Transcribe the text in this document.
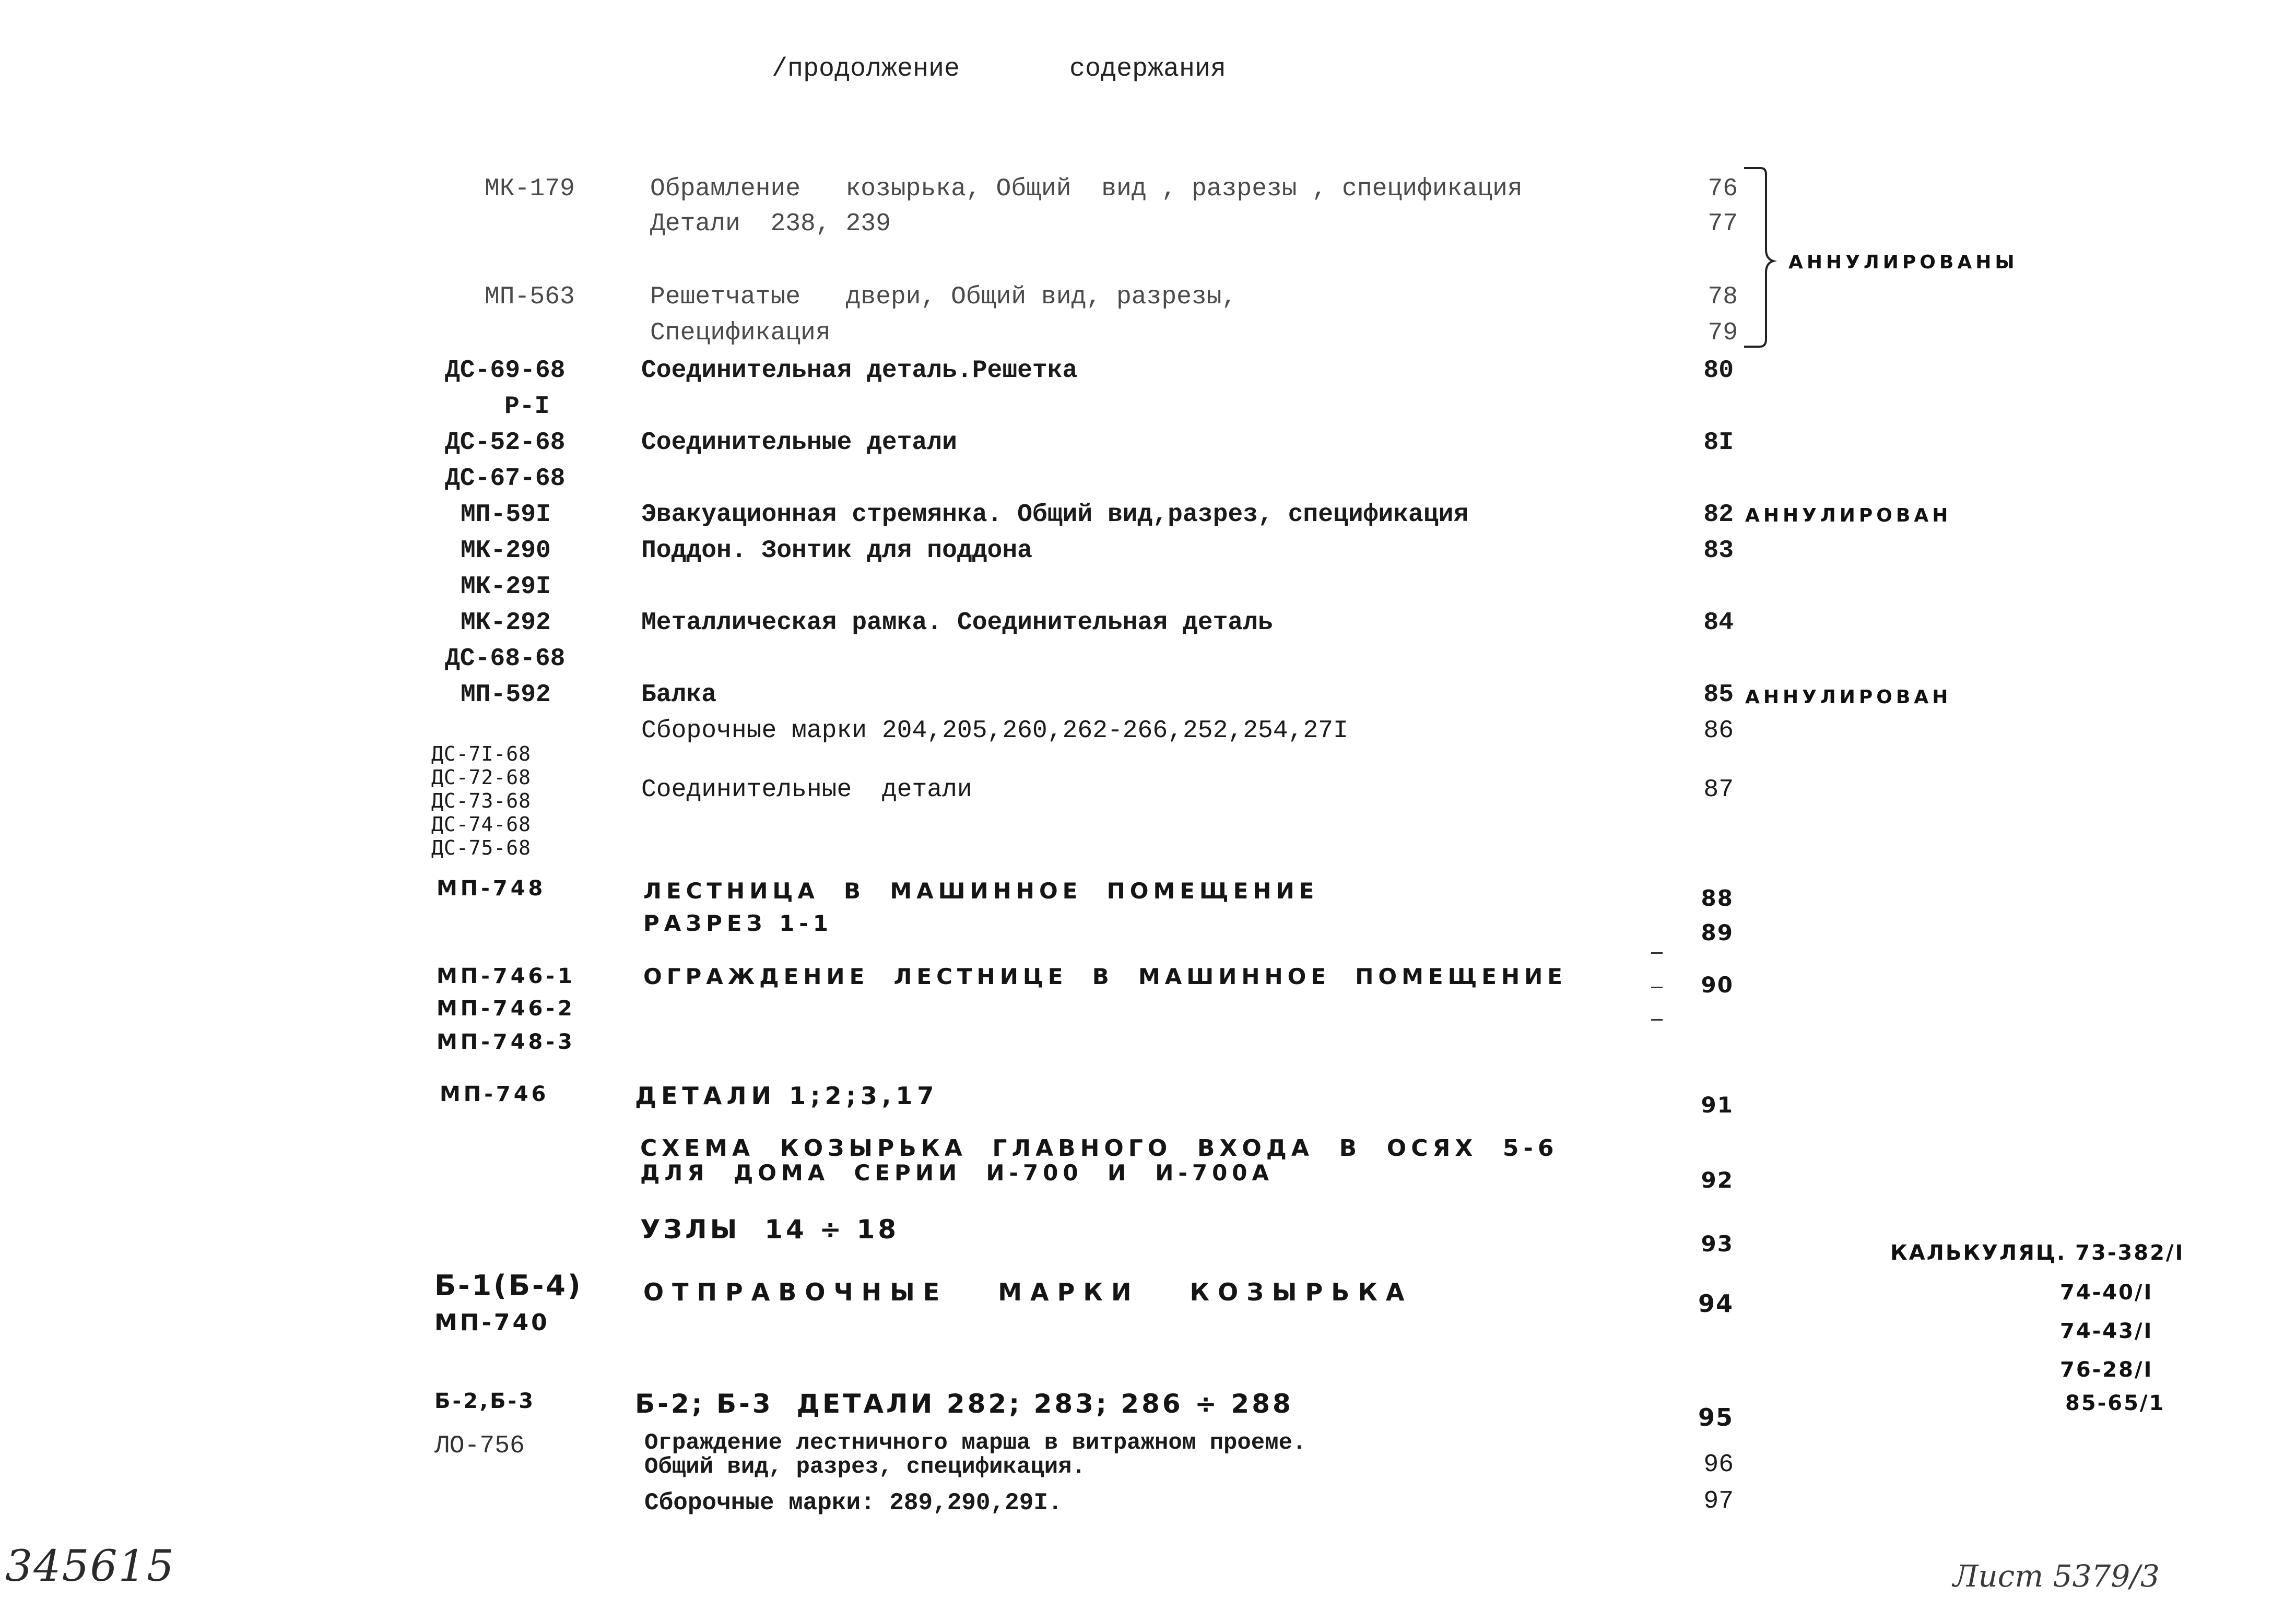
/продолжение	содержания
МК-179	Обрамление   козырька, Общий  вид , разрезы , спецификация	76
Детали  238, 239	77
МП-563	Решетчатые   двери, Общий вид, разрезы,	78
Спецификация	79
АННУЛИРОВАНЫ
ДС-69-68	Соединительная деталь.Решетка	80
Р-I
ДС-52-68	Соединительные детали	8I
ДС-67-68
МП-59I	Эвакуационная стремянка. Общий вид,разрез, спецификация	82 АННУЛИРОВАН
МК-290	Поддон. Зонтик для поддона	83
МК-29I
МК-292	Металлическая рамка. Соединительная деталь	84
ДС-68-68
МП-592	Балка	85 АННУЛИРОВАН
Сборочные марки 204,205,260,262-266,252,254,27I	86
ДС-7I-68
ДС-72-68
ДС-73-68
ДС-74-68
ДС-75-68
Соединительные  детали	87
МП-748	ЛЕСТНИЦА  В  МАШИННОЕ  ПОМЕЩЕНИЕ	88
РАЗРЕЗ 1-1	89
МП-746-1	ОГРАЖДЕНИЕ  ЛЕСТНИЦЕ  В  МАШИННОЕ  ПОМЕЩЕНИЕ	90
МП-746-2
МП-748-3
МП-746	ДЕТАЛИ 1;2;3,17	91
СХЕМА  КОЗЫРЬКА  ГЛАВНОГО  ВХОДА  В  ОСЯХ  5-6
ДЛЯ  ДОМА  СЕРИИ  И-700  И  И-700А	92
УЗЛЫ  14 ÷ 18	93
Б-1(Б-4)	ОТПРАВОЧНЫЕ   МАРКИ   КОЗЫРЬКА	94
МП-740
Б-2,Б-3	Б-2; Б-3  ДЕТАЛИ 282; 283; 286 ÷ 288	95
ЛО-756	Ограждение лестничного марша в витражном проеме.
Общий вид, разрез, спецификация.	96
Сборочные марки: 289,290,29I.	97
КАЛЬКУЛЯЦ. 73-382/I
74-40/I
74-43/I
76-28/I
85-65/1
345615	Лист 5379/3
